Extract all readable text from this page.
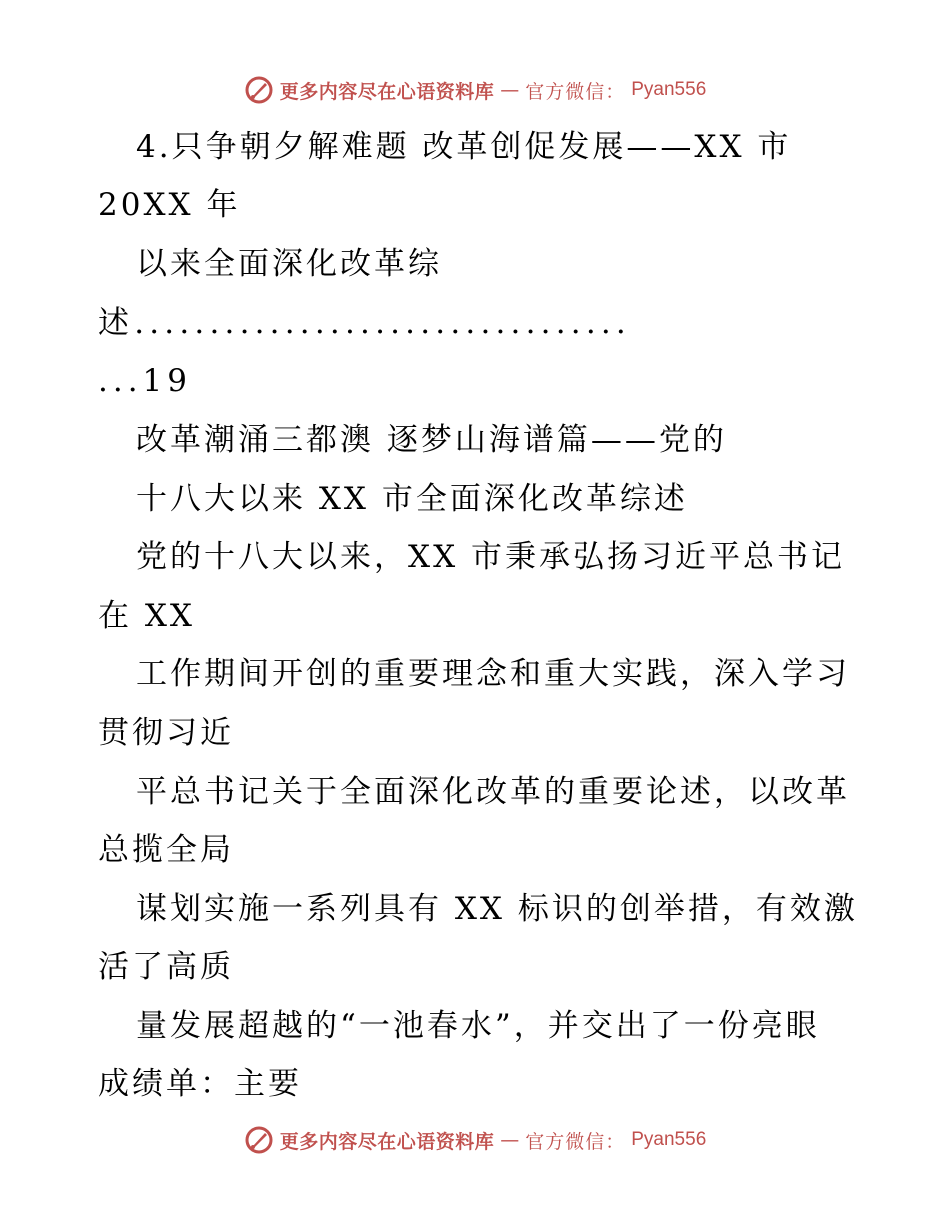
更多内容尽在心语资料库 — 官方微信： Pyan556
4.只争朝夕解难题 改革创促发展——XX 市
20XX 年
以来全面深化改革综
述.................................
...19
改革潮涌三都澳 逐梦山海谱篇——党的
十八大以来 XX 市全面深化改革综述
党的十八大以来，XX 市秉承弘扬习近平总书记
在 XX
工作期间开创的重要理念和重大实践，深入学习
贯彻习近
平总书记关于全面深化改革的重要论述，以改革
总揽全局
谋划实施一系列具有 XX 标识的创举措，有效激
活了高质
量发展超越的“一池春水”，并交出了一份亮眼
成绩单：主要
更多内容尽在心语资料库 — 官方微信： Pyan556
